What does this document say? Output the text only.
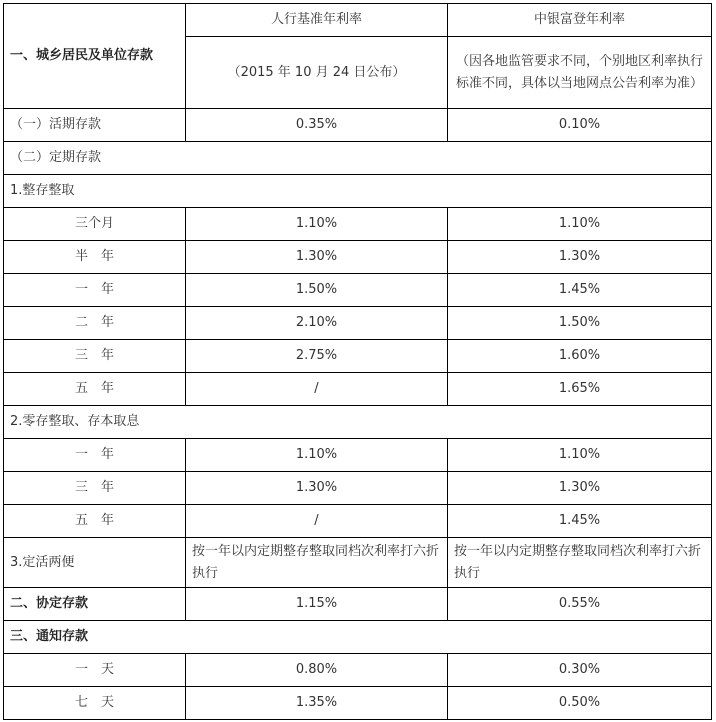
一、城乡居民及单位存款	人行基准年利率	中银富登年利率
	（2015 年 10 月 24 日公布）	（因各地监管要求不同，个别地区利率执行标准不同，具体以当地网点公告利率为准）
（一）活期存款	0.35%	0.10%
（二）定期存款		
1.整存整取		
三个月	1.10%	1.10%
半　年	1.30%	1.30%
一　年	1.50%	1.45%
二　年	2.10%	1.50%
三　年	2.75%	1.60%
五　年	/	1.65%
2.零存整取、存本取息		
一　年	1.10%	1.10%
三　年	1.30%	1.30%
五　年	/	1.45%
3.定活两便	按一年以内定期整存整取同档次利率打六折执行	按一年以内定期整存整取同档次利率打六折执行
二、协定存款	1.15%	0.55%
三、通知存款		
一　天	0.80%	0.30%
七　天	1.35%	0.50%
